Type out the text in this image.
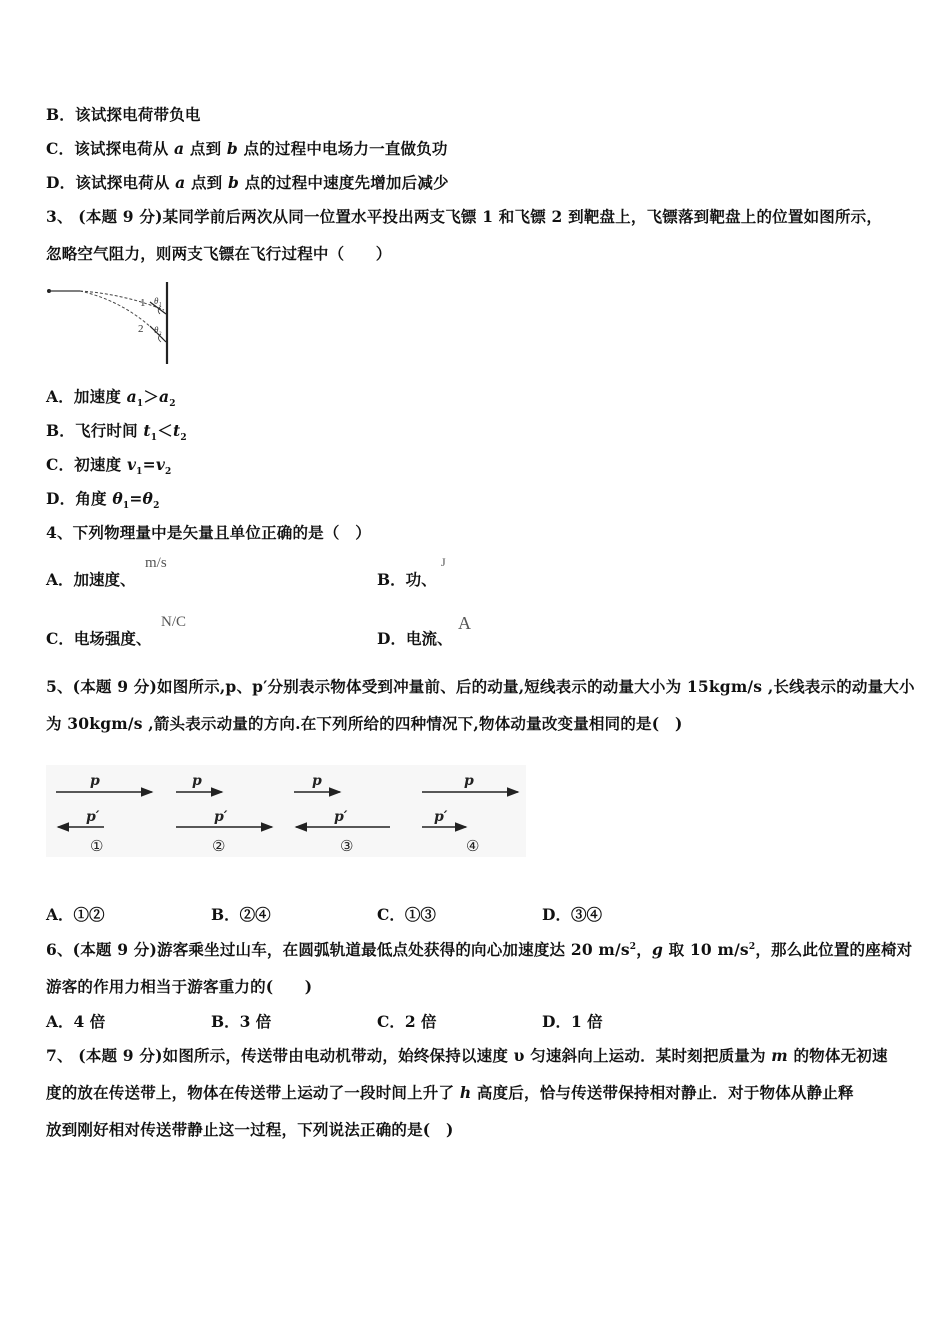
B．该试探电荷带负电
C．该试探电荷从 a 点到 b 点的过程中电场力一直做负功
D．该试探电荷从 a 点到 b 点的过程中速度先增加后减少
3、 (本题 9 分)某同学前后两次从同一位置水平投出两支飞镖 1 和飞镖 2 到靶盘上，飞镖落到靶盘上的位置如图所示，
忽略空气阻力，则两支飞镖在飞行过程中（　　）
1 θ₁
2 θ₂
A．加速度 $a_1>a_2$
B．飞行时间 $t_1<t_2$
C．初速度 $v_1=v_2$
D．角度 $\theta_1=\theta_2$
4、下列物理量中是矢量且单位正确的是（　）
A．加速度、
m/s
B．功、
J
C．电场强度、
N/C
D．电流、
A
5、(本题 9 分)如图所示,p、p′分别表示物体受到冲量前、后的动量,短线表示的动量大小为 15kgm/s ,长线表示的动量大小
为 30kgm/s ,箭头表示动量的方向.在下列所给的四种情况下,物体动量改变量相同的是(　)
p
p′
①
p
p′
②
p
p′
③
p
p′
④
A．①②	B．②④	C．①③	D．③④
6、(本题 9 分)游客乘坐过山车，在圆弧轨道最低点处获得的向心加速度达 20 $m/s^2$，g 取 10 $m/s^2$，那么此位置的座椅对
游客的作用力相当于游客重力的(　　)
A．4 倍	B．3 倍	C．2 倍	D．1 倍
7、 (本题 9 分)如图所示，传送带由电动机带动，始终保持以速度 υ 匀速斜向上运动．某时刻把质量为 m 的物体无初速
度的放在传送带上，物体在传送带上运动了一段时间上升了 h 高度后，恰与传送带保持相对静止．对于物体从静止释
放到刚好相对传送带静止这一过程，下列说法正确的是(　)
